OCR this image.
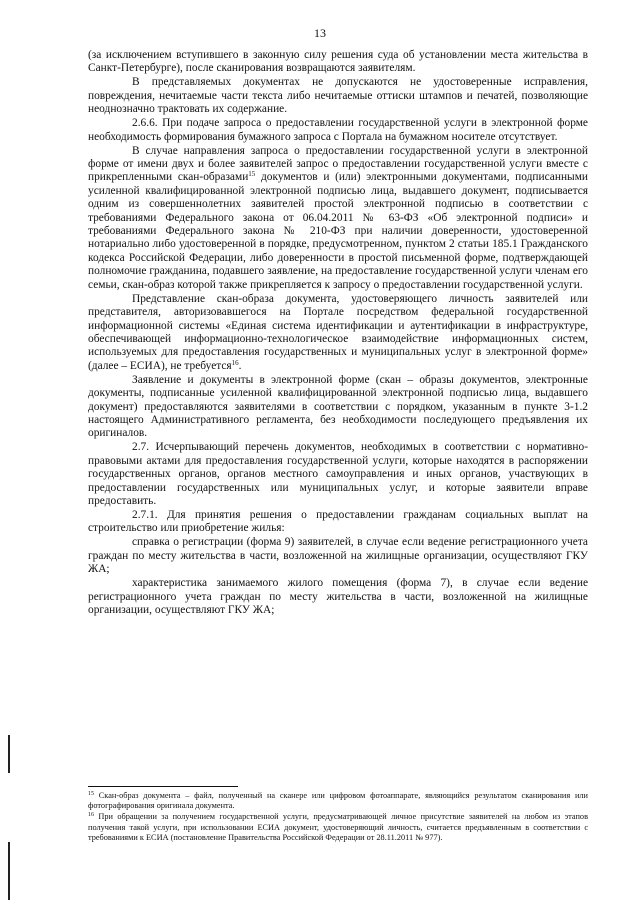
13

(за исключением вступившего в законную силу решения суда об установлении места жительства в Санкт-Петербурге), после сканирования возвращаются заявителям.

В представляемых документах не допускаются не удостоверенные исправления, повреждения, нечитаемые части текста либо нечитаемые оттиски штампов и печатей, позволяющие неоднозначно трактовать их содержание.

2.6.6. При подаче запроса о предоставлении государственной услуги в электронной форме необходимость формирования бумажного запроса с Портала на бумажном носителе отсутствует.

В случае направления запроса о предоставлении государственной услуги в электронной форме от имени двух и более заявителей запрос о предоставлении государственной услуги вместе с прикрепленными скан-образами$^{15}$ документов и (или) электронными документами, подписанными усиленной квалифицированной электронной подписью лица, выдавшего документ, подписывается одним из совершеннолетних заявителей простой электронной подписью в соответствии с требованиями Федерального закона от 06.04.2011 № 63-ФЗ «Об электронной подписи» и требованиями Федерального закона № 210-ФЗ при наличии доверенности, удостоверенной нотариально либо удостоверенной в порядке, предусмотренном, пунктом 2 статьи 185.1 Гражданского кодекса Российской Федерации, либо доверенности в простой письменной форме, подтверждающей полномочие гражданина, подавшего заявление, на предоставление государственной услуги членам его семьи, скан-образ которой также прикрепляется к запросу о предоставлении государственной услуги.

Представление скан-образа документа, удостоверяющего личность заявителей или представителя, авторизовавшегося на Портале посредством федеральной государственной информационной системы «Единая система идентификации и аутентификации в инфраструктуре, обеспечивающей информационно-технологическое взаимодействие информационных систем, используемых для предоставления государственных и муниципальных услуг в электронной форме» (далее – ЕСИА), не требуется$^{16}$.

Заявление и документы в электронной форме (скан – образы документов, электронные документы, подписанные усиленной квалифицированной электронной подписью лица, выдавшего документ) предоставляются заявителями в соответствии с порядком, указанным в пункте 3-1.2 настоящего Административного регламента, без необходимости последующего предъявления их оригиналов.

2.7. Исчерпывающий перечень документов, необходимых в соответствии с нормативно-правовыми актами для предоставления государственной услуги, которые находятся в распоряжении государственных органов, органов местного самоуправления и иных органов, участвующих в предоставлении государственных или муниципальных услуг, и которые заявители вправе предоставить.

2.7.1. Для принятия решения о предоставлении гражданам социальных выплат на строительство или приобретение жилья:

справка о регистрации (форма 9) заявителей, в случае если ведение регистрационного учета граждан по месту жительства в части, возложенной на жилищные организации, осуществляют ГКУ ЖА;

характеристика занимаемого жилого помещения (форма 7), в случае если ведение регистрационного учета граждан по месту жительства в части, возложенной на жилищные организации, осуществляют ГКУ ЖА;

$^{15}$ Скан-образ документа – файл, полученный на сканере или цифровом фотоаппарате, являющийся результатом сканирования или фотографирования оригинала документа.

$^{16}$ При обращении за получением государственной услуги, предусматривающей личное присутствие заявителей на любом из этапов получения такой услуги, при использовании ЕСИА документ, удостоверяющий личность, считается предъявленным в соответствии с требованиями к ЕСИА (постановление Правительства Российской Федерации от 28.11.2011 № 977).
